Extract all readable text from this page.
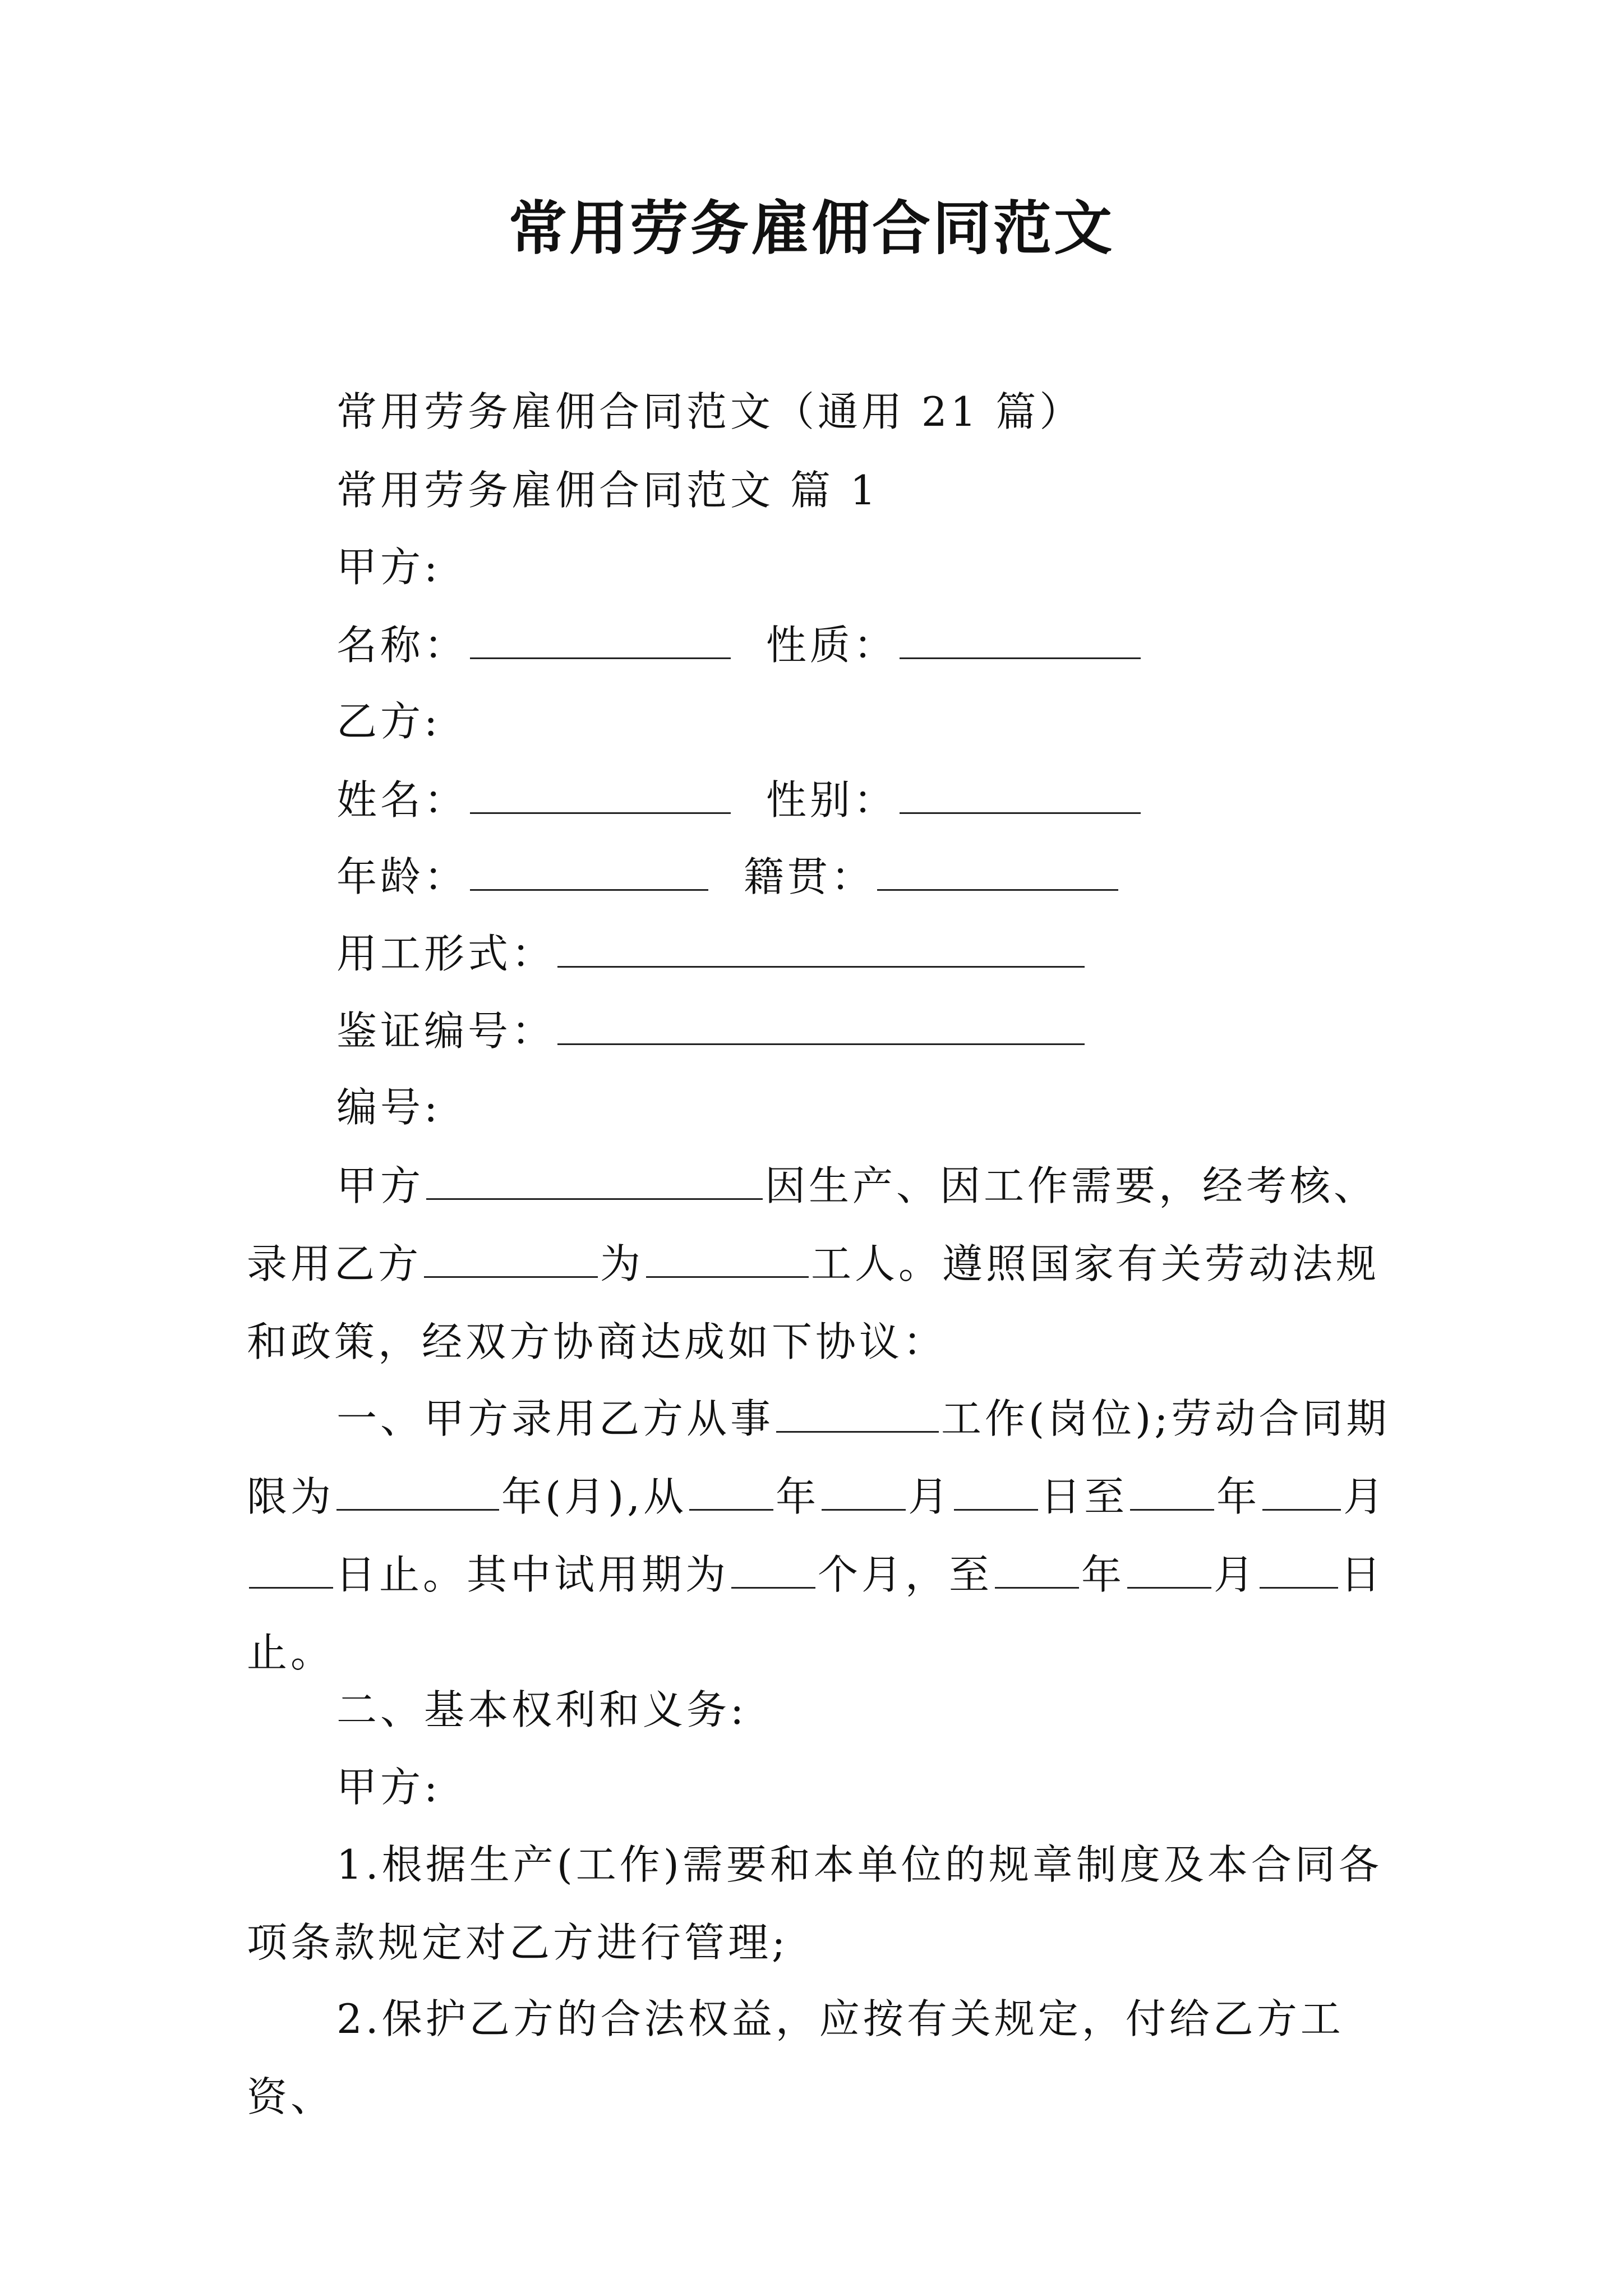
常用劳务雇佣合同范文
常用劳务雇佣合同范文（通用 21 篇）
常用劳务雇佣合同范文 篇 1
甲方:
名称：	性质：
乙方:
姓名：	性别：
年龄：	籍贯：
用工形式：
鉴证编号：
编号:
甲方	因生产、因工作需要，经考核、录用乙方	为	工人。遵照国家有关劳动法规和政策，经双方协商达成如下协议：
一、甲方录用乙方从事	工作(岗位);劳动合同期限为	年(月),从 年 月 日至 年 月日止。其中试用期为 个月，至 年 月 日止。
二、基本权利和义务:
甲方:
1.根据生产(工作)需要和本单位的规章制度及本合同各项条款规定对乙方进行管理;
2.保护乙方的合法权益，应按有关规定，付给乙方工资、
